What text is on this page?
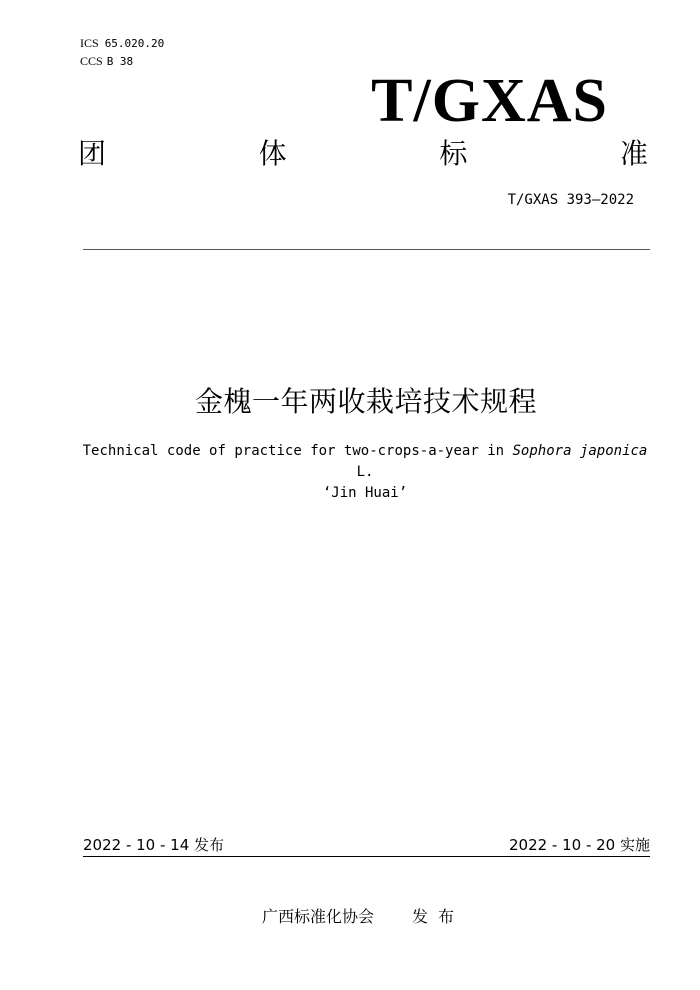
ICS 65.020.20
CCS B 38
T/GXAS
团	体	标	准
T/GXAS 393—2022
金槐一年两收栽培技术规程
Technical code of practice for two-crops-a-year in Sophora japonica L.
‘Jin Huai’
2022 - 10 - 14 发布	2022 - 10 - 20 实施
广西标准化协会 发布
